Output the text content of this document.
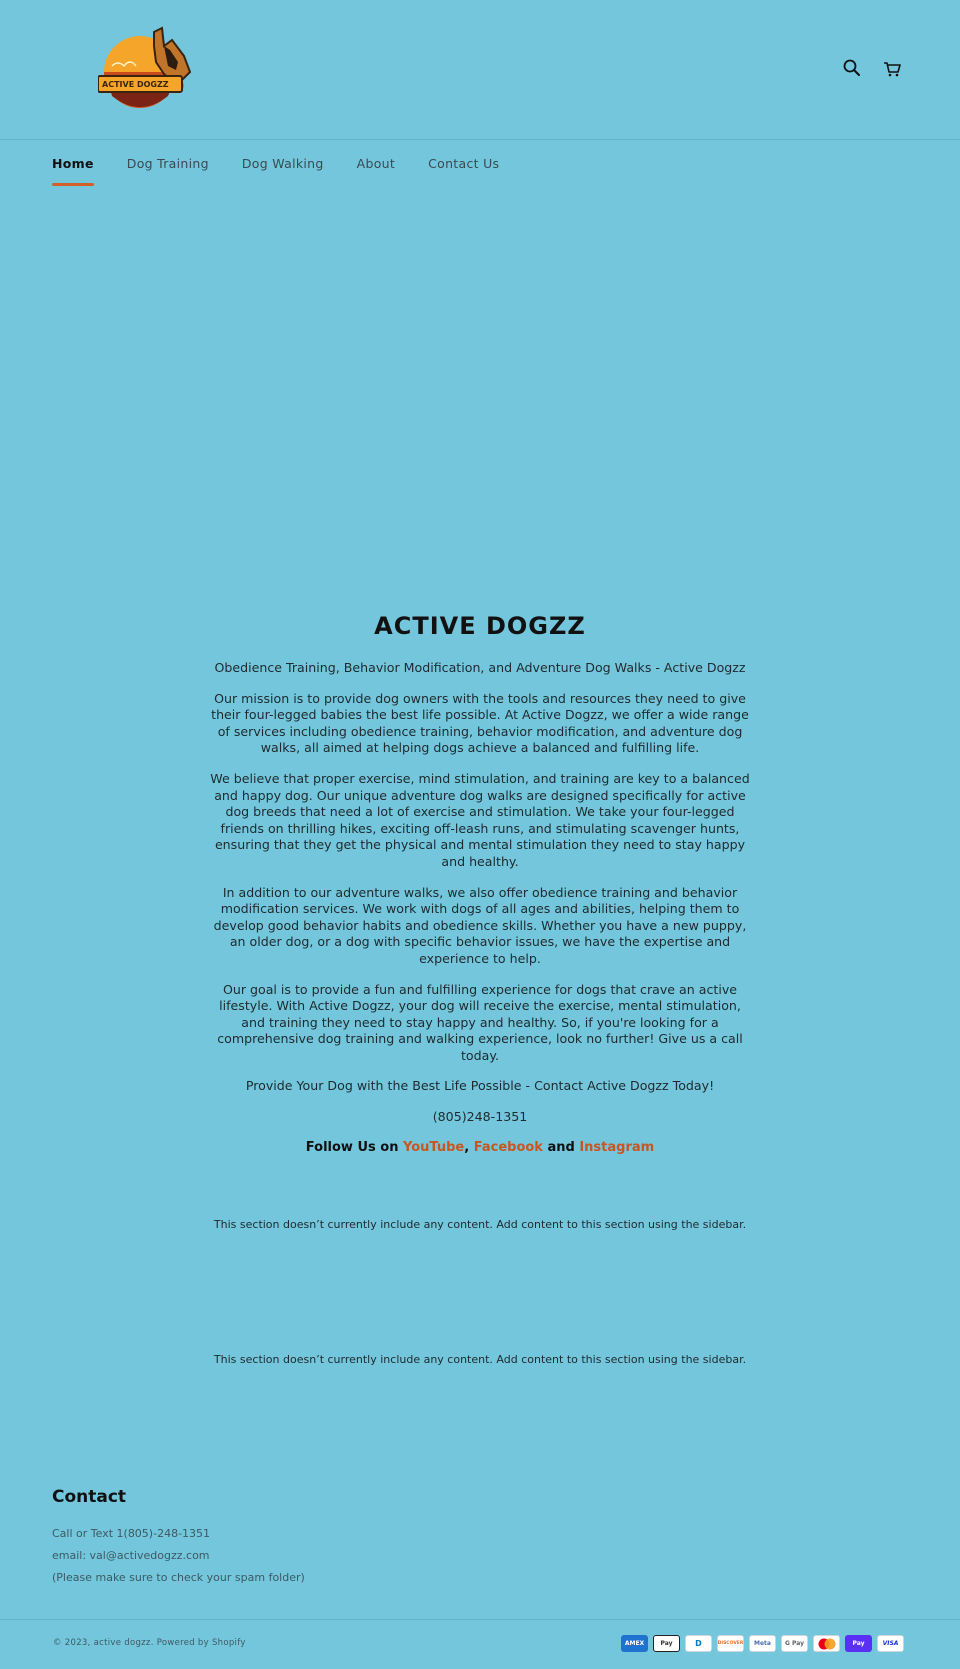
ACTIVE DOGZZ
Home	Dog Training	Dog Walking	About	Contact Us
ACTIVE DOGZZ

Obedience Training, Behavior Modification, and Adventure Dog Walks - Active Dogzz

Our mission is to provide dog owners with the tools and resources they need to give their four-legged babies the best life possible. At Active Dogzz, we offer a wide range of services including obedience training, behavior modification, and adventure dog walks, all aimed at helping dogs achieve a balanced and fulfilling life.

We believe that proper exercise, mind stimulation, and training are key to a balanced and happy dog. Our unique adventure dog walks are designed specifically for active dog breeds that need a lot of exercise and stimulation. We take your four-legged friends on thrilling hikes, exciting off-leash runs, and stimulating scavenger hunts, ensuring that they get the physical and mental stimulation they need to stay happy and healthy.

In addition to our adventure walks, we also offer obedience training and behavior modification services. We work with dogs of all ages and abilities, helping them to develop good behavior habits and obedience skills. Whether you have a new puppy, an older dog, or a dog with specific behavior issues, we have the expertise and experience to help.

Our goal is to provide a fun and fulfilling experience for dogs that crave an active lifestyle. With Active Dogzz, your dog will receive the exercise, mental stimulation, and training they need to stay happy and healthy. So, if you're looking for a comprehensive dog training and walking experience, look no further! Give us a call today.

Provide Your Dog with the Best Life Possible - Contact Active Dogzz Today!

(805)248-1351

Follow Us on YouTube, Facebook and Instagram

This section doesn’t currently include any content. Add content to this section using the sidebar.
This section doesn’t currently include any content. Add content to this section using the sidebar.
Contact
Call or Text 1(805)-248-1351
email: val@activedogzz.com
(Please make sure to check your spam folder)
© 2023, active dogzz. Powered by Shopify	AMEX	Pay	D	DISCOVER	Meta	G Pay	Pay	VISA
